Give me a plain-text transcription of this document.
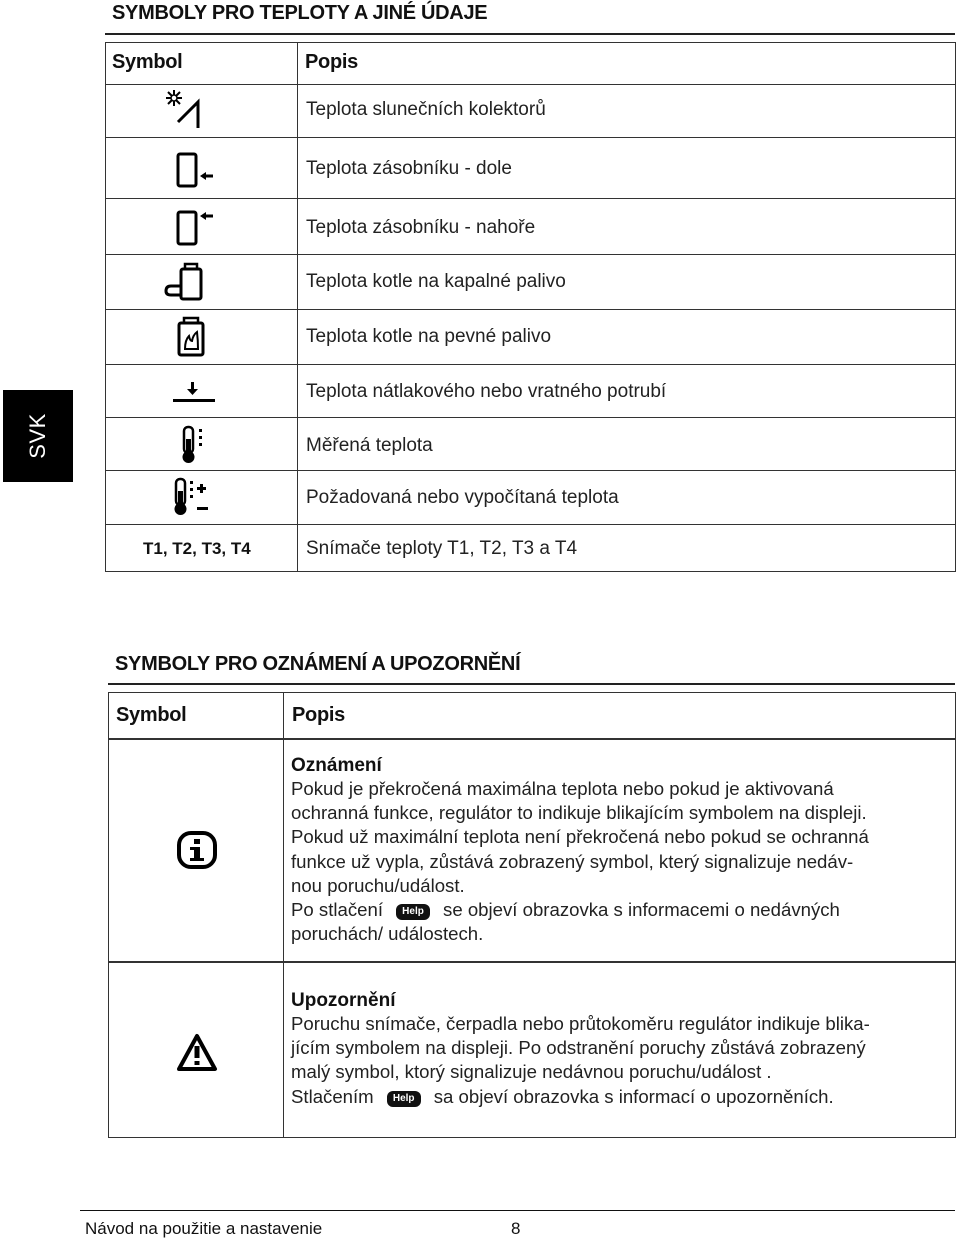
SVK
SYMBOLY PRO TEPLOTY A JINÉ ÚDAJE
Symbol	Popis
Teplota slunečních kolektorů
Teplota zásobníku - dole
Teplota zásobníku - nahoře
Teplota kotle na kapalné palivo
Teplota kotle na pevné palivo
Teplota nátlakového nebo vratného potrubí
Měřená teplota
Požadovaná nebo vypočítaná teplota
T1, T2, T3, T4	Snímače teploty T1, T2, T3 a T4
SYMBOLY PRO OZNÁMENÍ A UPOZORNĚNÍ
Symbol	Popis
Oznámení
Pokud je překročená maximálna teplota nebo pokud je aktivovaná
ochranná funkce, regulátor to indikuje blikajícím symbolem na displeji.
Pokud už maximální teplota není překročená nebo pokud se ochranná
funkce už vypla, zůstává zobrazený symbol, který signalizuje nedáv-
nou poruchu/událost.
Po stlačení Help se objeví obrazovka s informacemi o nedávných
poruchách/ událostech.
Upozornění
Poruchu snímače, čerpadla nebo průtokoměru regulátor indikuje blika-
jícím symbolem na displeji. Po odstranění poruchy zůstává zobrazený
malý symbol, ktorý signalizuje nedávnou poruchu/událost .
Stlačením Help sa objeví obrazovka s informací o upozorněních.
Návod na použitie a nastavenie	8
